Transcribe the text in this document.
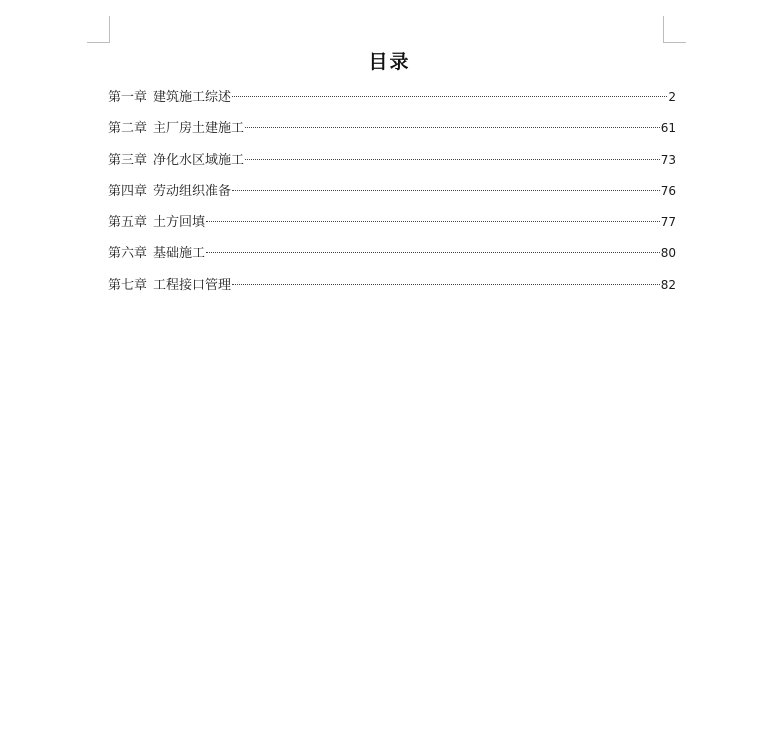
目录
第一章 建筑施工综述	2
第二章 主厂房土建施工	61
第三章 净化水区域施工	73
第四章 劳动组织准备	76
第五章 土方回填	77
第六章 基础施工	80
第七章 工程接口管理	82
